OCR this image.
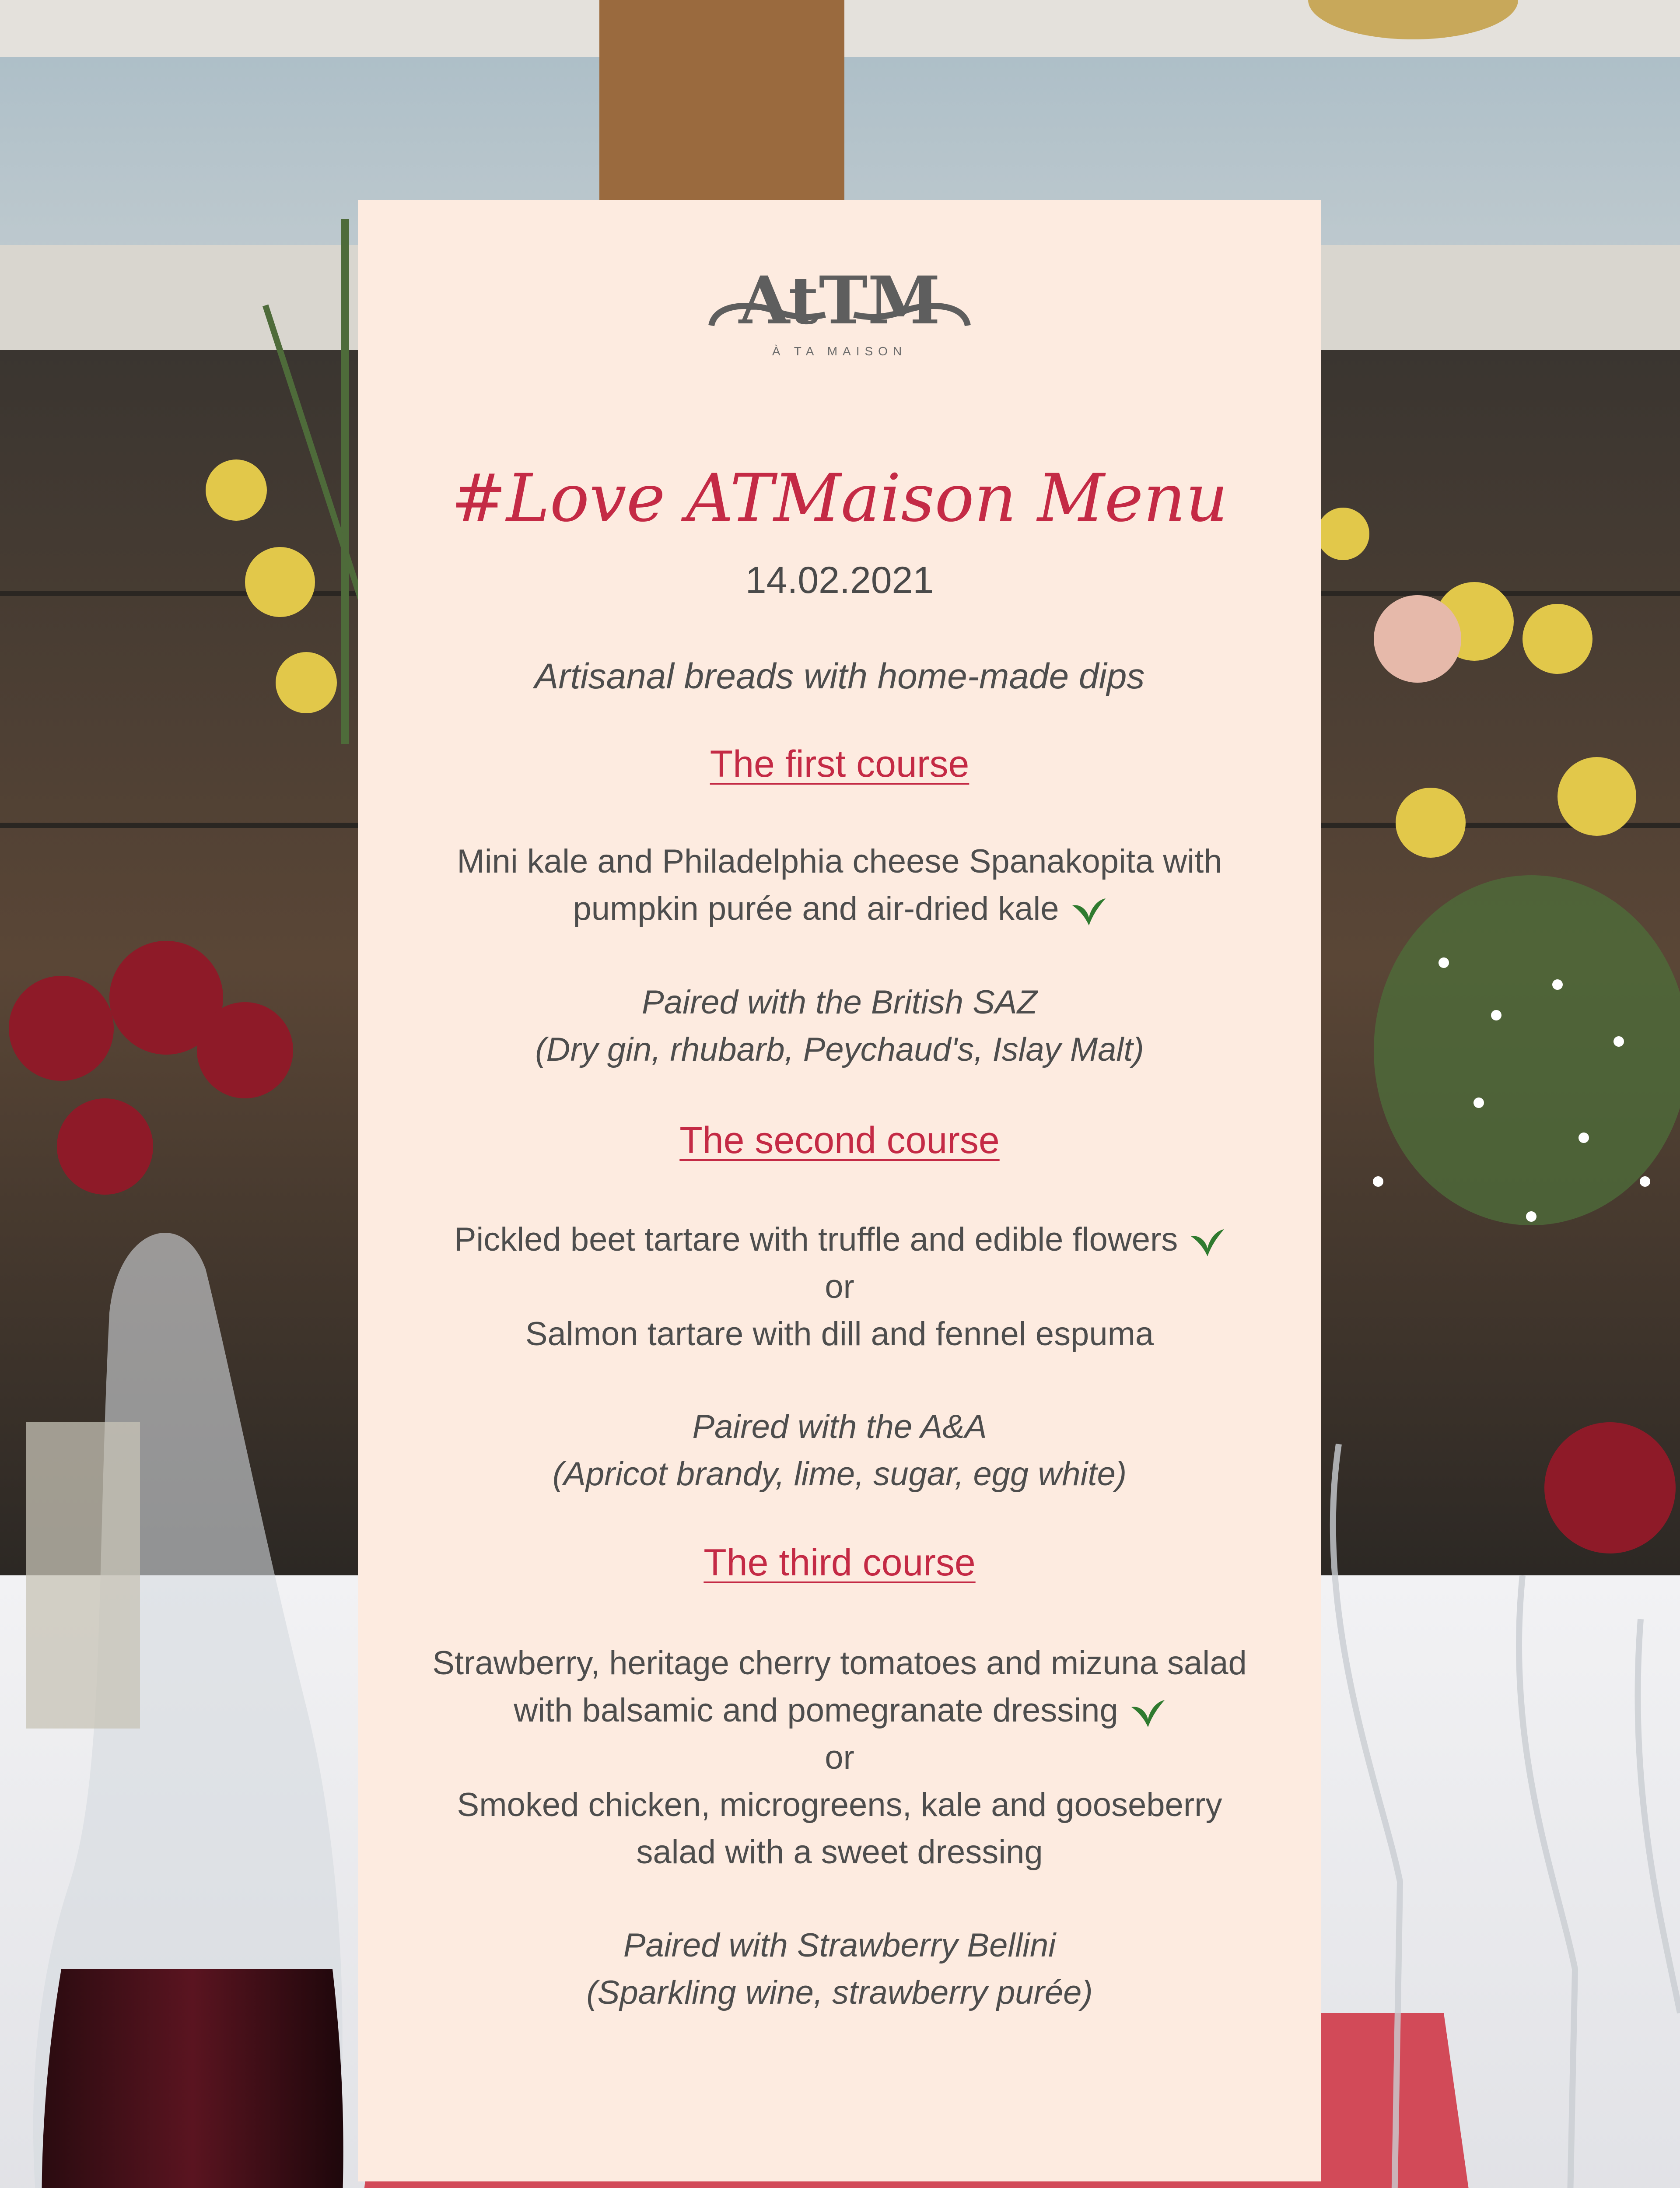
AtTM
À TA MAISON
#Love ATMaison Menu
14.02.2021
Artisanal breads with home-made dips
The first course
Mini kale and Philadelphia cheese Spanakopita with
pumpkin purée and air-dried kale
Paired with the British SAZ
(Dry gin, rhubarb, Peychaud's, Islay Malt)
The second course
Pickled beet tartare with truffle and edible flowers
or
Salmon tartare with dill and fennel espuma
Paired with the A&A
(Apricot brandy, lime, sugar, egg white)
The third course
Strawberry, heritage cherry tomatoes and mizuna salad
with balsamic and pomegranate dressing
or
Smoked chicken, microgreens, kale and gooseberry
salad with a sweet dressing
Paired with Strawberry Bellini
(Sparkling wine, strawberry purée)
